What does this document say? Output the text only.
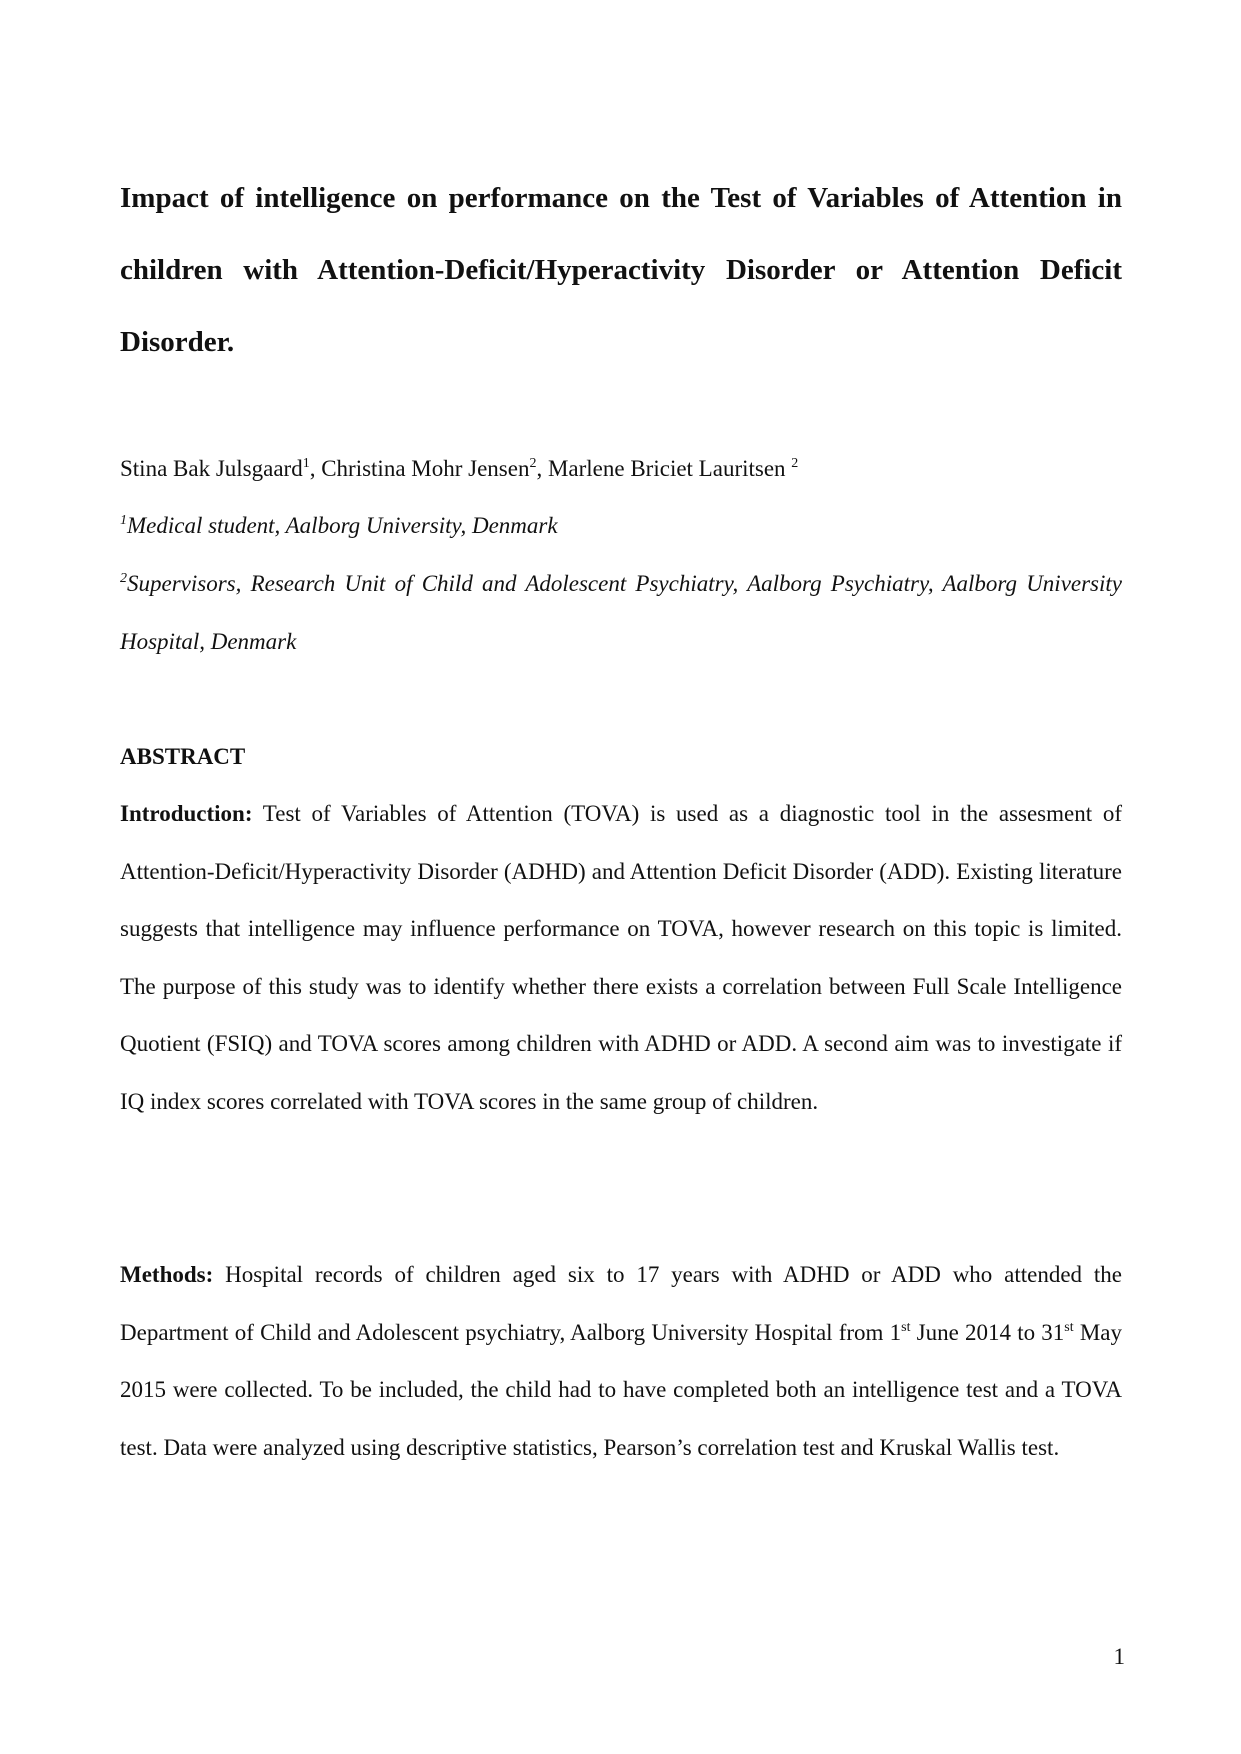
Impact of intelligence on performance on the Test of Variables of Attention in children with Attention-Deficit/Hyperactivity Disorder or Attention Deficit Disorder.

Stina Bak Julsgaard$^1$, Christina Mohr Jensen$^2$, Marlene Briciet Lauritsen $^2$

$^1$Medical student, Aalborg University, Denmark

$^2$Supervisors, Research Unit of Child and Adolescent Psychiatry, Aalborg Psychiatry, Aalborg University Hospital, Denmark

ABSTRACT

Introduction: Test of Variables of Attention (TOVA) is used as a diagnostic tool in the assesment of Attention-Deficit/Hyperactivity Disorder (ADHD) and Attention Deficit Disorder (ADD). Existing literature suggests that intelligence may influence performance on TOVA, however research on this topic is limited. The purpose of this study was to identify whether there exists a correlation between Full Scale Intelligence Quotient (FSIQ) and TOVA scores among children with ADHD or ADD. A second aim was to investigate if IQ index scores correlated with TOVA scores in the same group of children.

Methods: Hospital records of children aged six to 17 years with ADHD or ADD who attended the Department of Child and Adolescent psychiatry, Aalborg University Hospital from 1st June 2014 to 31st May 2015 were collected. To be included, the child had to have completed both an intelligence test and a TOVA test. Data were analyzed using descriptive statistics, Pearson’s correlation test and Kruskal Wallis test.

1
